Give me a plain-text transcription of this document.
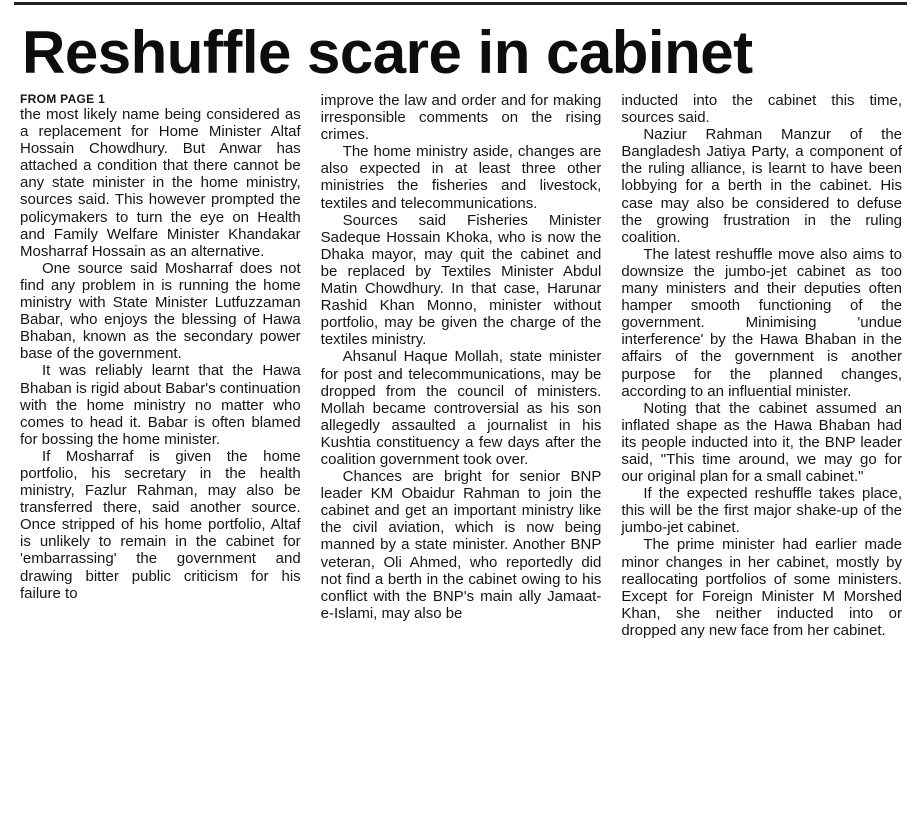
Reshuffle scare in cabinet
FROM PAGE 1

the most likely name being considered as a replacement for Home Minister Altaf Hossain Chowdhury. But Anwar has attached a condition that there cannot be any state minister in the home ministry, sources said. This however prompted the policymakers to turn the eye on Health and Family Welfare Minister Khandakar Mosharraf Hossain as an alternative.

One source said Mosharraf does not find any problem in is running the home ministry with State Minister Lutfuzzaman Babar, who enjoys the blessing of Hawa Bhaban, known as the secondary power base of the government.

It was reliably learnt that the Hawa Bhaban is rigid about Babar's continuation with the home ministry no matter who comes to head it. Babar is often blamed for bossing the home minister.

If Mosharraf is given the home portfolio, his secretary in the health ministry, Fazlur Rahman, may also be transferred there, said another source. Once stripped of his home portfolio, Altaf is unlikely to remain in the cabinet for 'embarrassing' the government and drawing bitter public criticism for his failure to

improve the law and order and for making irresponsible comments on the rising crimes.

The home ministry aside, changes are also expected in at least three other ministries the fisheries and livestock, textiles and telecommunications.

Sources said Fisheries Minister Sadeque Hossain Khoka, who is now the Dhaka mayor, may quit the cabinet and be replaced by Textiles Minister Abdul Matin Chowdhury. In that case, Harunar Rashid Khan Monno, minister without portfolio, may be given the charge of the textiles ministry.

Ahsanul Haque Mollah, state minister for post and telecommunications, may be dropped from the council of ministers. Mollah became controversial as his son allegedly assaulted a journalist in his Kushtia constituency a few days after the coalition government took over.

Chances are bright for senior BNP leader KM Obaidur Rahman to join the cabinet and get an important ministry like the civil aviation, which is now being manned by a state minister. Another BNP veteran, Oli Ahmed, who reportedly did not find a berth in the cabinet owing to his conflict with the BNP's main ally Jamaat-e-Islami, may also be

inducted into the cabinet this time, sources said.

Naziur Rahman Manzur of the Bangladesh Jatiya Party, a component of the ruling alliance, is learnt to have been lobbying for a berth in the cabinet. His case may also be considered to defuse the growing frustration in the ruling coalition.

The latest reshuffle move also aims to downsize the jumbo-jet cabinet as too many ministers and their deputies often hamper smooth functioning of the government. Minimising 'undue interference' by the Hawa Bhaban in the affairs of the government is another purpose for the planned changes, according to an influential minister.

Noting that the cabinet assumed an inflated shape as the Hawa Bhaban had its people inducted into it, the BNP leader said, "This time around, we may go for our original plan for a small cabinet."

If the expected reshuffle takes place, this will be the first major shake-up of the jumbo-jet cabinet.

The prime minister had earlier made minor changes in her cabinet, mostly by reallocating portfolios of some ministers. Except for Foreign Minister M Morshed Khan, she neither inducted into or dropped any new face from her cabinet.
